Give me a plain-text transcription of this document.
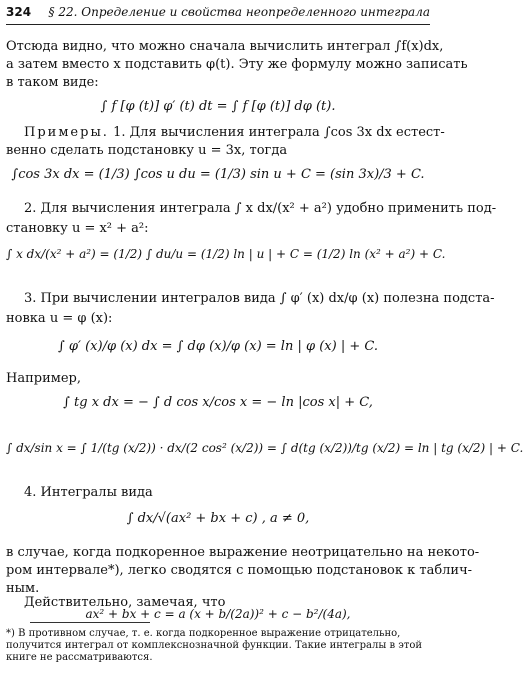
324 § 22. Определение и свойства неопределенного интеграла
Отсюда видно, что можно сначала вычислить интеграл ∫f(x)dx,
а затем вместо x подставить φ(t). Эту же формулу можно записать
в таком виде:
∫ f [φ (t)] φ′ (t) dt = ∫ f [φ (t)] dφ (t).
Примеры. 1. Для вычисления интеграла ∫cos 3x dx естест-
венно сделать подстановку u = 3x, тогда
∫cos 3x dx = (1/3) ∫cos u du = (1/3) sin u + C = (sin 3x)/3 + C.
2. Для вычисления интеграла ∫ x dx/(x² + a²) удобно применить под-
становку u = x² + a²:
∫ x dx/(x² + a²) = (1/2) ∫ du/u = (1/2) ln | u | + C = (1/2) ln (x² + a²) + C.
3. При вычислении интегралов вида ∫ φ′ (x) dx/φ (x) полезна подста-
новка u = φ (x):
∫ φ′ (x)/φ (x) dx = ∫ dφ (x)/φ (x) = ln | φ (x) | + C.
Например,
∫ tg x dx = − ∫ d cos x/cos x = − ln |cos x| + C,
∫ dx/sin x = ∫ 1/(tg (x/2)) · dx/(2 cos² (x/2)) = ∫ d(tg (x/2))/tg (x/2) = ln | tg (x/2) | + C.
4. Интегралы вида
∫ dx/√(ax² + bx + c) , a ≠ 0,
в случае, когда подкоренное выражение неотрицательно на некото-
ром интервале*), легко сводятся с помощью подстановок к таблич-
ным.
Действительно, замечая, что
*) В противном случае, т. е. когда подкоренное выражение отрицательно, получится интеграл от комплекснозначной функции. Такие интегралы в этой книге не рассматриваются.
ax² + bx + c = a (x + b/(2a))² + c − b²/(4a),
